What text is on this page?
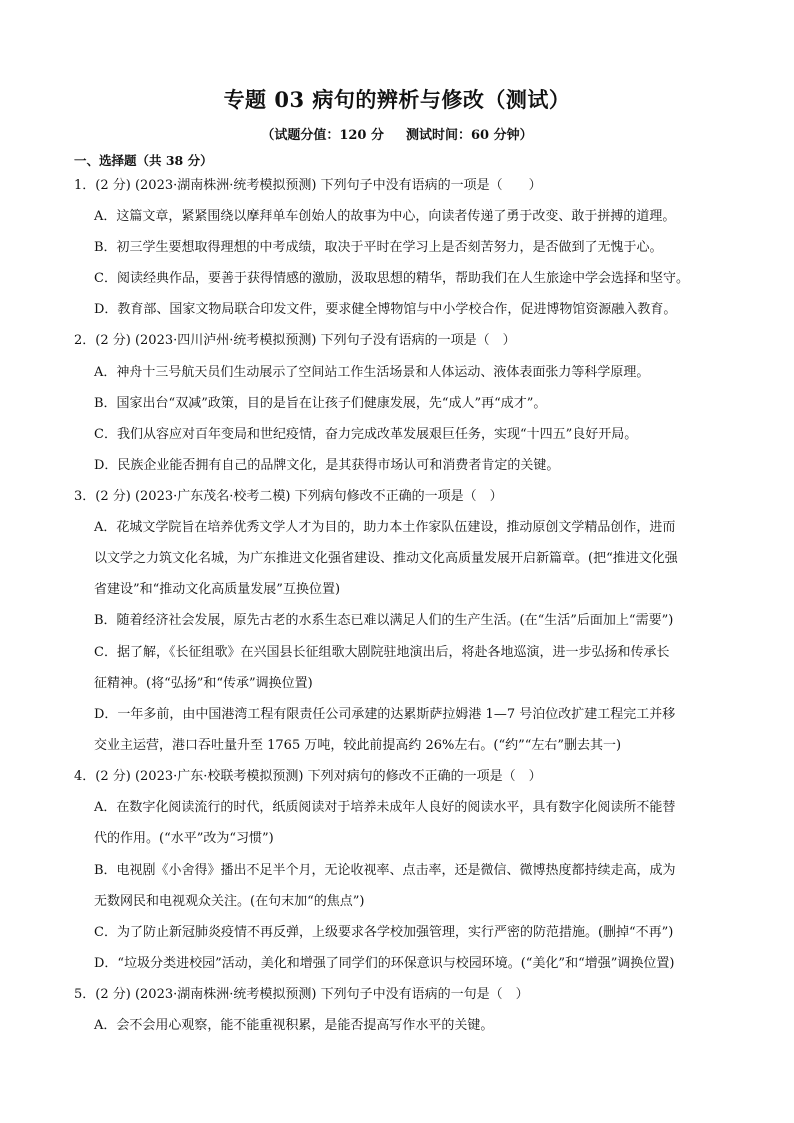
专题 03 病句的辨析与修改（测试）
（试题分值：120 分 测试时间：60 分钟）
一、选择题（共 38 分）
1．(2 分) (2023·湖南株洲·统考模拟预测) 下列句子中没有语病的一项是（　　）
A．这篇文章，紧紧围绕以摩拜单车创始人的故事为中心，向读者传递了勇于改变、敢于拼搏的道理。
B．初三学生要想取得理想的中考成绩，取决于平时在学习上是否刻苦努力，是否做到了无愧于心。
C．阅读经典作品，要善于获得情感的激励，汲取思想的精华，帮助我们在人生旅途中学会选择和坚守。
D．教育部、国家文物局联合印发文件，要求健全博物馆与中小学校合作，促进博物馆资源融入教育。
2．(2 分) (2023·四川泸州·统考模拟预测) 下列句子没有语病的一项是（　）
A．神舟十三号航天员们生动展示了空间站工作生活场景和人体运动、液体表面张力等科学原理。
B．国家出台“双减”政策，目的是旨在让孩子们健康发展，先“成人”再“成才”。
C．我们从容应对百年变局和世纪疫情，奋力完成改革发展艰巨任务，实现“十四五”良好开局。
D．民族企业能否拥有自己的品牌文化，是其获得市场认可和消费者肯定的关键。
3．(2 分) (2023·广东茂名·校考二模) 下列病句修改不正确的一项是（　）
A．花城文学院旨在培养优秀文学人才为目的，助力本土作家队伍建设，推动原创文学精品创作，进而
以文学之力筑文化名城，为广东推进文化强省建设、推动文化高质量发展开启新篇章。(把“推进文化强
省建设”和“推动文化高质量发展”互换位置)
B．随着经济社会发展，原先古老的水系生态已难以满足人们的生产生活。(在“生活”后面加上“需要”)
C．据了解，《长征组歌》在兴国县长征组歌大剧院驻地演出后，将赴各地巡演，进一步弘扬和传承长
征精神。(将“弘扬”和“传承”调换位置)
D．一年多前，由中国港湾工程有限责任公司承建的达累斯萨拉姆港 1—7 号泊位改扩建工程完工并移
交业主运营，港口吞吐量升至 1765 万吨，较此前提高约 26%左右。(“约”“左右”删去其一)
4．(2 分) (2023·广东·校联考模拟预测) 下列对病句的修改不正确的一项是（　）
A．在数字化阅读流行的时代，纸质阅读对于培养未成年人良好的阅读水平，具有数字化阅读所不能替
代的作用。(“水平”改为“习惯”)
B．电视剧《小舍得》播出不足半个月，无论收视率、点击率，还是微信、微博热度都持续走高，成为
无数网民和电视观众关注。(在句末加“的焦点”)
C．为了防止新冠肺炎疫情不再反弹，上级要求各学校加强管理，实行严密的防范措施。(删掉“不再”)
D．“垃圾分类进校园”活动，美化和增强了同学们的环保意识与校园环境。(“美化”和“增强”调换位置)
5．(2 分) (2023·湖南株洲·统考模拟预测) 下列句子中没有语病的一句是（　）
A．会不会用心观察，能不能重视积累，是能否提高写作水平的关键。
